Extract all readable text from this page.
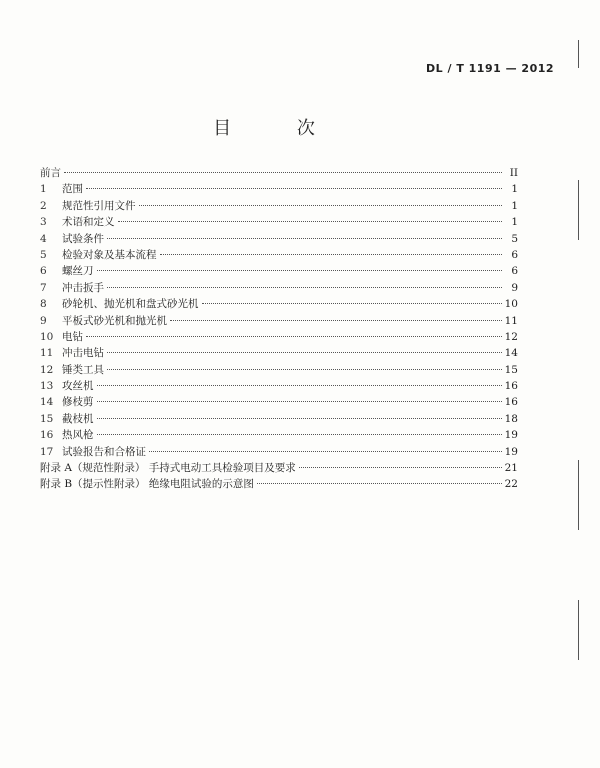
DL / T 1191 — 2012
目 次
前言	II
1	范围	1
2	规范性引用文件	1
3	术语和定义	1
4	试验条件	5
5	检验对象及基本流程	6
6	螺丝刀	6
7	冲击扳手	9
8	砂轮机、抛光机和盘式砂光机	10
9	平板式砂光机和抛光机	11
10 电钻	12
11 冲击电钻	14
12 锤类工具	15
13 攻丝机	16
14 修枝剪	16
15 截枝机	18
16 热风枪	19
17 试验报告和合格证	19
附录 A（规范性附录） 手持式电动工具检验项目及要求	21
附录 B（提示性附录） 绝缘电阻试验的示意图	22
